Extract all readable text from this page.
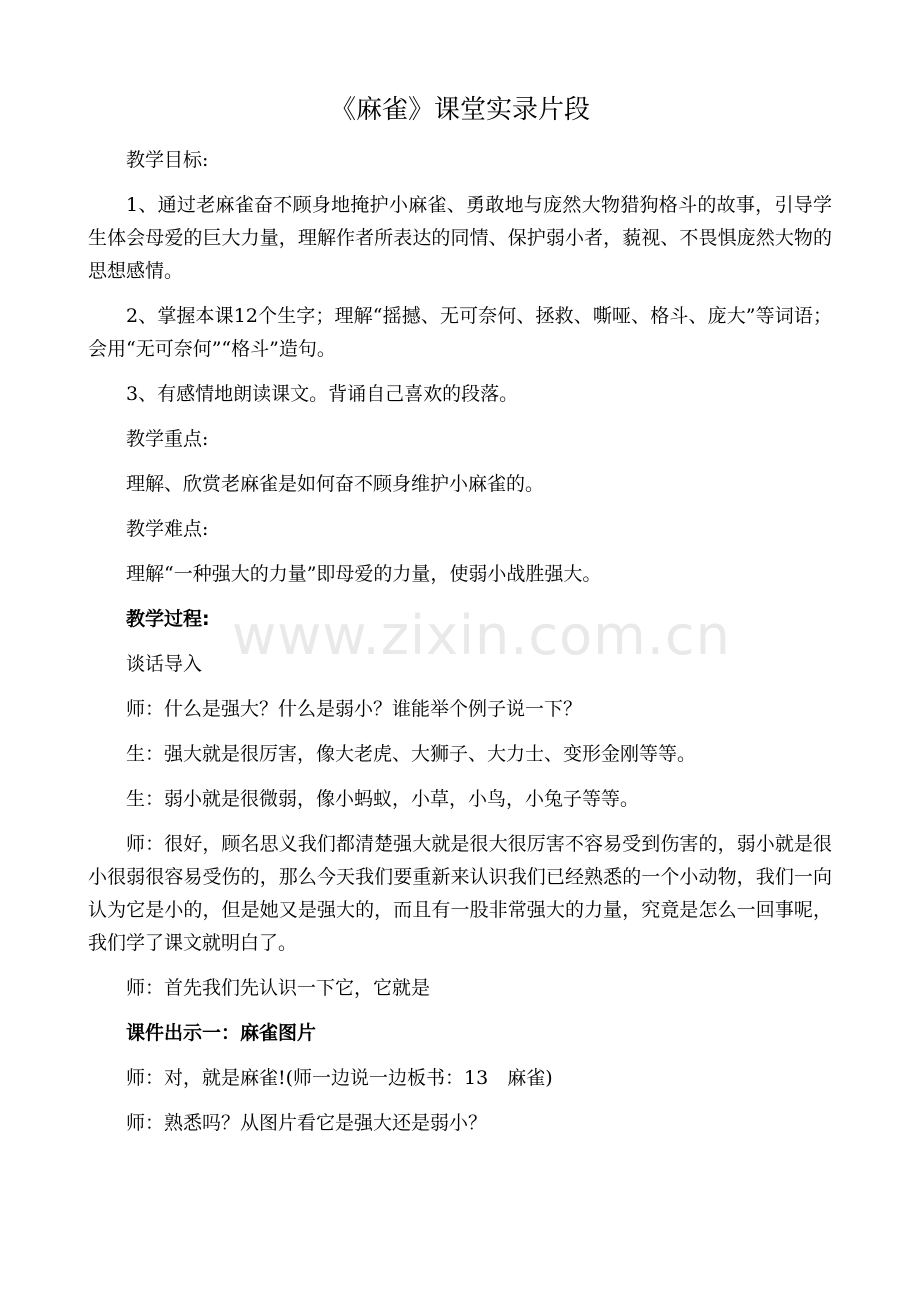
《麻雀》课堂实录片段

教学目标:

1、通过老麻雀奋不顾身地掩护小麻雀、勇敢地与庞然大物猎狗格斗的故事，引导学生体会母爱的巨大力量，理解作者所表达的同情、保护弱小者，藐视、不畏惧庞然大物的思想感情。

2、掌握本课12个生字；理解“摇撼、无可奈何、拯救、嘶哑、格斗、庞大”等词语；会用“无可奈何”“格斗”造句。

3、有感情地朗读课文。背诵自己喜欢的段落。

教学重点:

理解、欣赏老麻雀是如何奋不顾身维护小麻雀的。

教学难点:

理解“一种强大的力量”即母爱的力量，使弱小战胜强大。

教学过程:

谈话导入

师：什么是强大？什么是弱小？谁能举个例子说一下？

生：强大就是很厉害，像大老虎、大狮子、大力士、变形金刚等等。

生：弱小就是很微弱，像小蚂蚁，小草，小鸟，小兔子等等。

师：很好，顾名思义我们都清楚强大就是很大很厉害不容易受到伤害的，弱小就是很小很弱很容易受伤的，那么今天我们要重新来认识我们已经熟悉的一个小动物，我们一向认为它是小的，但是她又是强大的，而且有一股非常强大的力量，究竟是怎么一回事呢，我们学了课文就明白了。

师：首先我们先认识一下它，它就是

课件出示一：麻雀图片

师：对，就是麻雀!(师一边说一边板书：13　麻雀)

师：熟悉吗？从图片看它是强大还是弱小？

www.zixin.com.cn
